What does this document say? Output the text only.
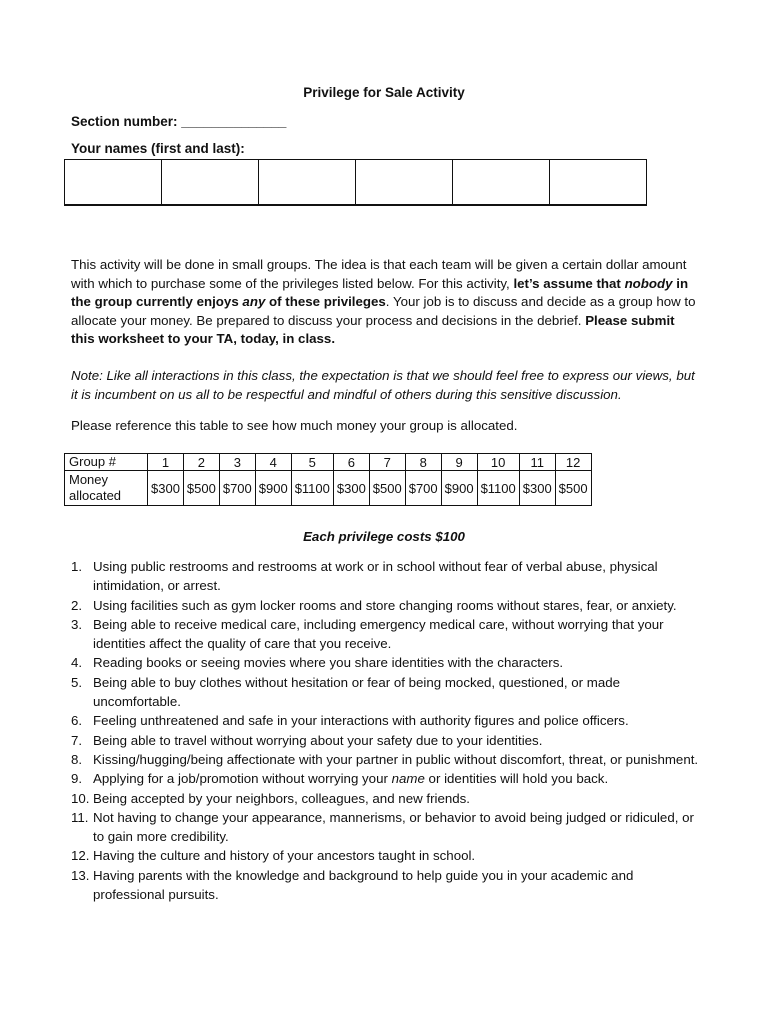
Privilege for Sale Activity
Section number: ______________
Your names (first and last):

This activity will be done in small groups. The idea is that each team will be given a certain dollar amount with which to purchase some of the privileges listed below. For this activity, let’s assume that nobody in the group currently enjoys any of these privileges. Your job is to discuss and decide as a group how to allocate your money. Be prepared to discuss your process and decisions in the debrief. Please submit this worksheet to your TA, today, in class.
Note: Like all interactions in this class, the expectation is that we should feel free to express our views, but it is incumbent on us all to be respectful and mindful of others during this sensitive discussion.
Please reference this table to see how much money your group is allocated.
Group #	1	2	3	4	5	6	7	8	9	10	11	12
Money allocated	$300	$500	$700	$900	$1100	$300	$500	$700	$900	$1100	$300	$500
Each privilege costs $100
1. Using public restrooms and restrooms at work or in school without fear of verbal abuse, physical intimidation, or arrest.
2. Using facilities such as gym locker rooms and store changing rooms without stares, fear, or anxiety.
3. Being able to receive medical care, including emergency medical care, without worrying that your identities affect the quality of care that you receive.
4. Reading books or seeing movies where you share identities with the characters.
5. Being able to buy clothes without hesitation or fear of being mocked, questioned, or made uncomfortable.
6. Feeling unthreatened and safe in your interactions with authority figures and police officers.
7. Being able to travel without worrying about your safety due to your identities.
8. Kissing/hugging/being affectionate with your partner in public without discomfort, threat, or punishment.
9. Applying for a job/promotion without worrying your name or identities will hold you back.
10. Being accepted by your neighbors, colleagues, and new friends.
11. Not having to change your appearance, mannerisms, or behavior to avoid being judged or ridiculed, or to gain more credibility.
12. Having the culture and history of your ancestors taught in school.
13. Having parents with the knowledge and background to help guide you in your academic and professional pursuits.
